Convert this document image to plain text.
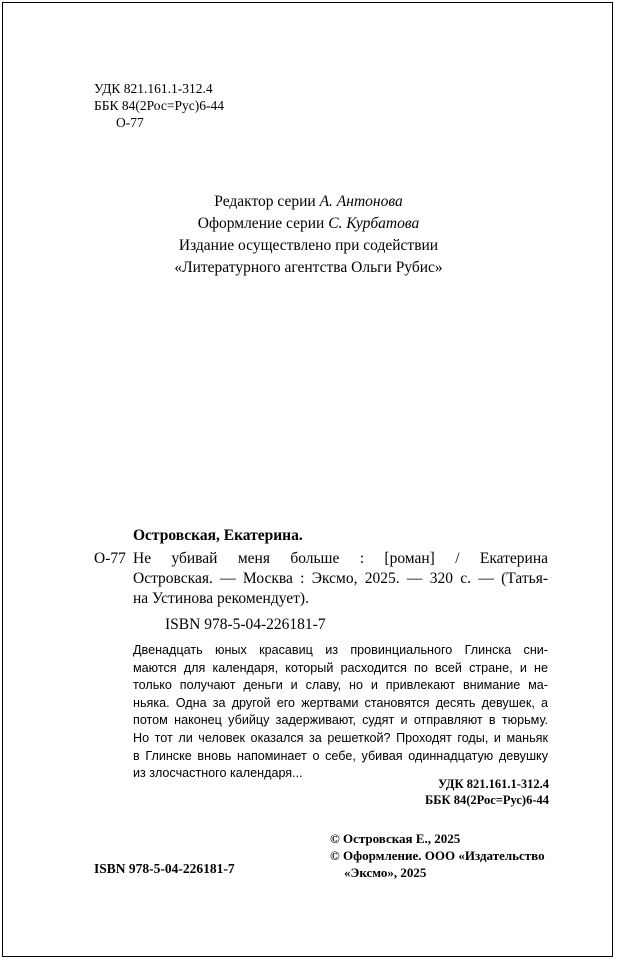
УДК 821.161.1-312.4
ББК 84(2Рос=Рус)6-44
О-77
Редактор серии А. Антонова
Оформление серии С. Курбатова
Издание осуществлено при содействии
«Литературного агентства Ольги Рубис»
Островская, Екатерина.
О-77 Не убивай меня больше : [роман] / Екатерина
Островская. — Москва : Эксмо, 2025. — 320 с. — (Татья-
на Устинова рекомендует).
ISBN 978-5-04-226181-7
Двенадцать юных красавиц из провинциального Глинска сни-
маются для календаря, который расходится по всей стране, и не
только получают деньги и славу, но и привлекают внимание ма-
ньяка. Одна за другой его жертвами становятся десять девушек, а
потом наконец убийцу задерживают, судят и отправляют в тюрьму.
Но тот ли человек оказался за решеткой? Проходят годы, и маньяк
в Глинске вновь напоминает о себе, убивая одиннадцатую девушку
из злосчастного календаря...
УДК 821.161.1-312.4
ББК 84(2Рос=Рус)6-44
© Островская Е., 2025
© Оформление. ООО «Издательство
«Эксмо», 2025
ISBN 978-5-04-226181-7
